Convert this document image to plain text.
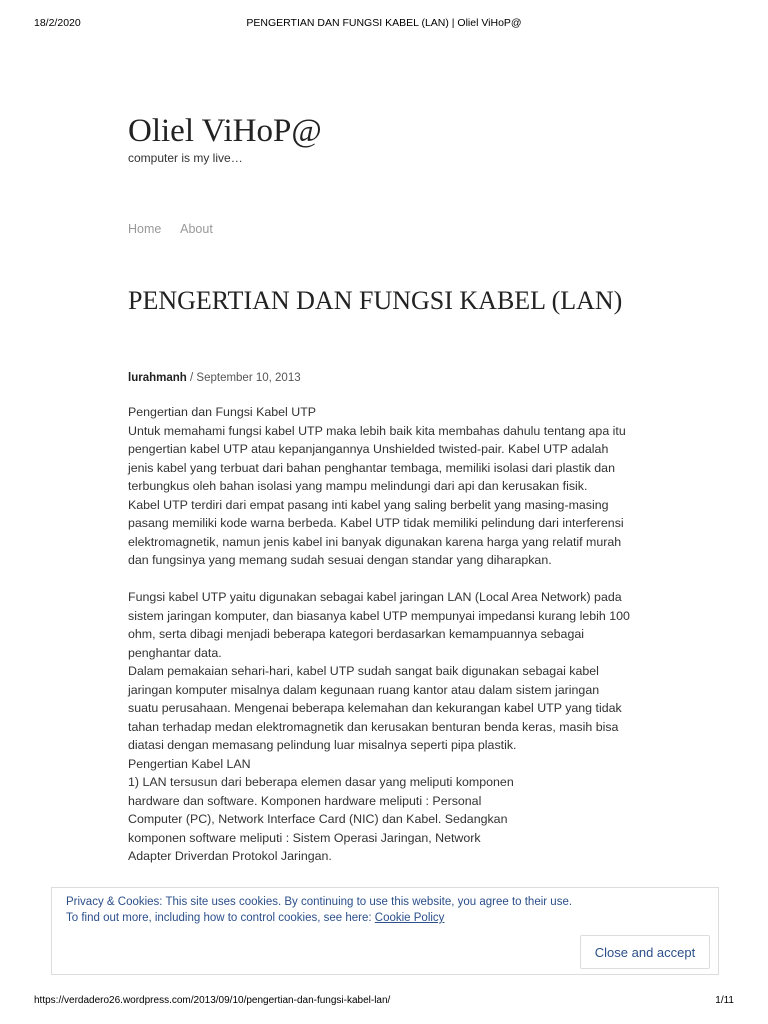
18/2/2020	PENGERTIAN DAN FUNGSI KABEL (LAN) | Oliel ViHoP@
Oliel ViHoP@
computer is my live…
Home About
PENGERTIAN DAN FUNGSI KABEL (LAN)
lurahmanh / September 10, 2013

Pengertian dan Fungsi Kabel UTP
Untuk memahami fungsi kabel UTP maka lebih baik kita membahas dahulu tentang apa itu
pengertian kabel UTP atau kepanjangannya Unshielded twisted-pair. Kabel UTP adalah
jenis kabel yang terbuat dari bahan penghantar tembaga, memiliki isolasi dari plastik dan
terbungkus oleh bahan isolasi yang mampu melindungi dari api dan kerusakan fisik.
Kabel UTP terdiri dari empat pasang inti kabel yang saling berbelit yang masing-masing
pasang memiliki kode warna berbeda. Kabel UTP tidak memiliki pelindung dari interferensi
elektromagnetik, namun jenis kabel ini banyak digunakan karena harga yang relatif murah
dan fungsinya yang memang sudah sesuai dengan standar yang diharapkan.

Fungsi kabel UTP yaitu digunakan sebagai kabel jaringan LAN (Local Area Network) pada
sistem jaringan komputer, dan biasanya kabel UTP mempunyai impedansi kurang lebih 100
ohm, serta dibagi menjadi beberapa kategori berdasarkan kemampuannya sebagai
penghantar data.
Dalam pemakaian sehari-hari, kabel UTP sudah sangat baik digunakan sebagai kabel
jaringan komputer misalnya dalam kegunaan ruang kantor atau dalam sistem jaringan
suatu perusahaan. Mengenai beberapa kelemahan dan kekurangan kabel UTP yang tidak
tahan terhadap medan elektromagnetik dan kerusakan benturan benda keras, masih bisa
diatasi dengan memasang pelindung luar misalnya seperti pipa plastik.
Pengertian Kabel LAN
1) LAN tersusun dari beberapa elemen dasar yang meliputi komponen
hardware dan software. Komponen hardware meliputi : Personal
Computer (PC), Network Interface Card (NIC) dan Kabel. Sedangkan
komponen software meliputi : Sistem Operasi Jaringan, Network
Adapter Driverdan Protokol Jaringan.

Privacy & Cookies: This site uses cookies. By continuing to use this website, you agree to their use.
To find out more, including how to control cookies, see here: Cookie Policy
Close and accept
https://verdadero26.wordpress.com/2013/09/10/pengertian-dan-fungsi-kabel-lan/	1/11
